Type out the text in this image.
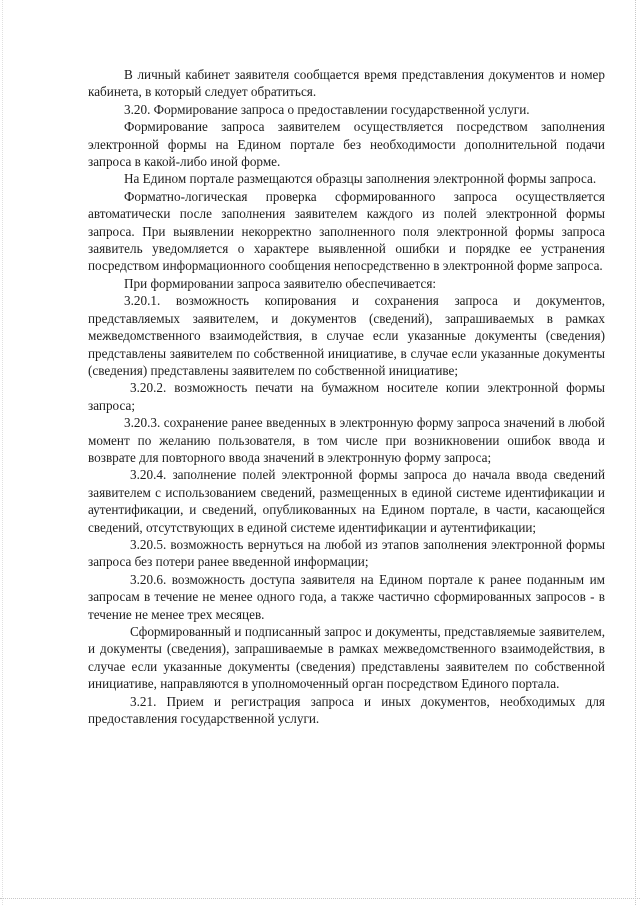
В личный кабинет заявителя сообщается время представления документов и номер кабинета, в который следует обратиться.

3.20. Формирование запроса о предоставлении государственной услуги.

Формирование запроса заявителем осуществляется посредством заполнения электронной формы на Едином портале без необходимости дополнительной подачи запроса в какой-либо иной форме.

На Едином портале размещаются образцы заполнения электронной формы запроса.

Форматно-логическая проверка сформированного запроса осуществляется автоматически после заполнения заявителем каждого из полей электронной формы запроса. При выявлении некорректно заполненного поля электронной формы запроса заявитель уведомляется о характере выявленной ошибки и порядке ее устранения посредством информационного сообщения непосредственно в электронной форме запроса.

При формировании запроса заявителю обеспечивается:

3.20.1. возможность копирования и сохранения запроса и документов, представляемых заявителем, и документов (сведений), запрашиваемых в рамках межведомственного взаимодействия, в случае если указанные документы (сведения) представлены заявителем по собственной инициативе, в случае если указанные документы (сведения) представлены заявителем по собственной инициативе;

3.20.2. возможность печати на бумажном носителе копии электронной формы запроса;

3.20.3. сохранение ранее введенных в электронную форму запроса значений в любой момент по желанию пользователя, в том числе при возникновении ошибок ввода и возврате для повторного ввода значений в электронную форму запроса;

3.20.4. заполнение полей электронной формы запроса до начала ввода сведений заявителем с использованием сведений, размещенных в единой системе идентификации и аутентификации, и сведений, опубликованных на Едином портале, в части, касающейся сведений, отсутствующих в единой системе идентификации и аутентификации;

3.20.5. возможность вернуться на любой из этапов заполнения электронной формы запроса без потери ранее введенной информации;

3.20.6. возможность доступа заявителя на Едином портале к ранее поданным им запросам в течение не менее одного года, а также частично сформированных запросов - в течение не менее трех месяцев.

Сформированный и подписанный запрос и документы, представляемые заявителем, и документы (сведения), запрашиваемые в рамках межведомственного взаимодействия, в случае если указанные документы (сведения) представлены заявителем по собственной инициативе, направляются в уполномоченный орган посредством Единого портала.

3.21. Прием и регистрация запроса и иных документов, необходимых для предоставления государственной услуги.
